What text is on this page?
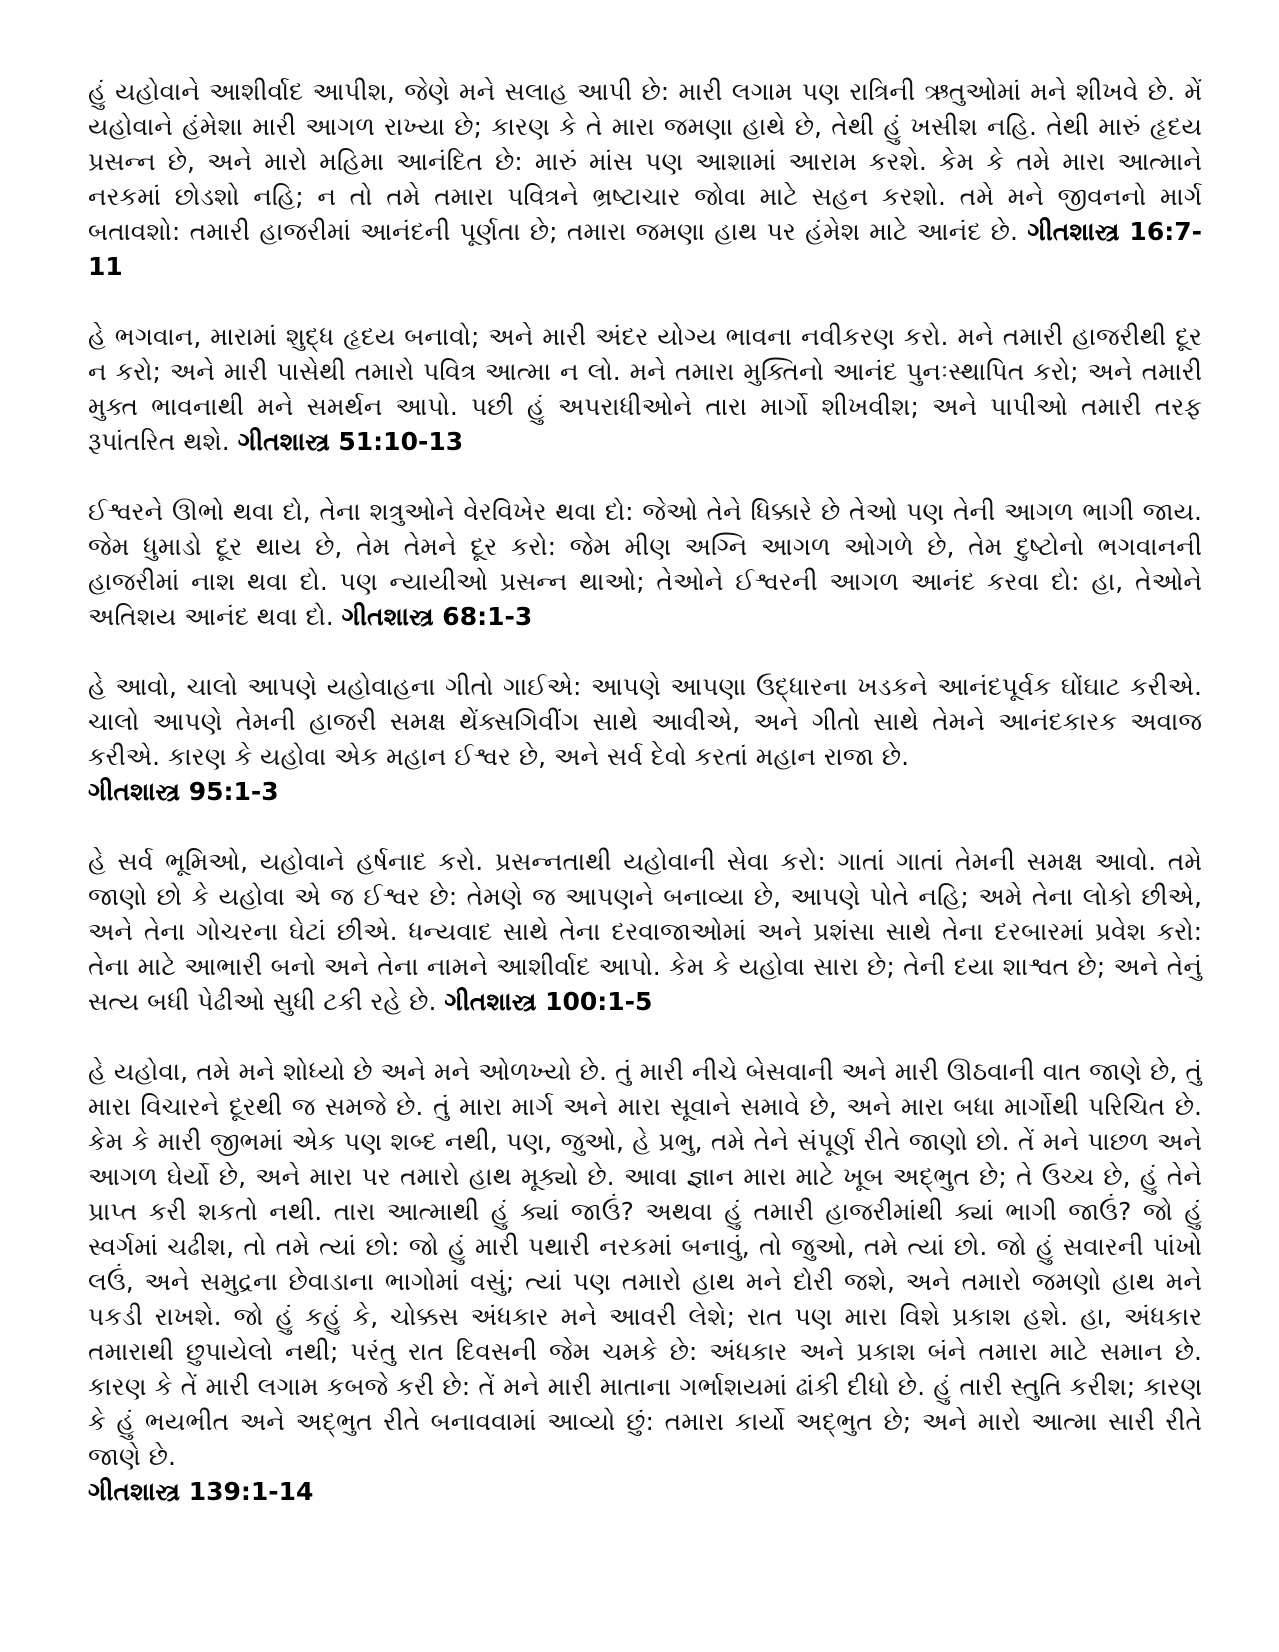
હું યહોવાને આશીર્વાદ આપીશ, જેણે મને સલાહ આપી છે: મારી લગામ પણ રાત્રિની ઋતુઓમાં મને શીખવે છે. મેં યહોવાને હંમેશા મારી આગળ રાખ્યા છે; કારણ કે તે મારા જમણા હાથે છે, તેથી હું ખસીશ નહિ. તેથી મારું હૃદય પ્રસન્ન છે, અને મારો મહિમા આનંદિત છે: મારું માંસ પણ આશામાં આરામ કરશે. કેમ કે તમે મારા આત્માને નરકમાં છોડશો નહિ; ન તો તમે તમારા પવિત્રને ભ્રષ્ટાચાર જોવા માટે સહન કરશો. તમે મને જીવનનો માર્ગ બતાવશો: તમારી હાજરીમાં આનંદની પૂર્ણતા છે; તમારા જમણા હાથ પર હંમેશ માટે આનંદ છે. ગીતશાસ્ત્ર 16:7-11

હે ભગવાન, મારામાં શુદ્ધ હૃદય બનાવો; અને મારી અંદર યોગ્ય ભાવના નવીકરણ કરો. મને તમારી હાજરીથી દૂર ન કરો; અને મારી પાસેથી તમારો પવિત્ર આત્મા ન લો. મને તમારા મુક્તિનો આનંદ પુનઃસ્થાપિત કરો; અને તમારી મુક્ત ભાવનાથી મને સમર્થન આપો. પછી હું અપરાધીઓને તારા માર્ગો શીખવીશ; અને પાપીઓ તમારી તરફ રૂપાંતરિત થશે. ગીતશાસ્ત્ર 51:10-13

ઈશ્વરને ઊભો થવા દો, તેના શત્રુઓને વેરવિખેર થવા દો: જેઓ તેને ધિક્કારે છે તેઓ પણ તેની આગળ ભાગી જાય. જેમ ધુમાડો દૂર થાય છે, તેમ તેમને દૂર કરો: જેમ મીણ અગ્નિ આગળ ઓગળે છે, તેમ દુષ્ટોનો ભગવાનની હાજરીમાં નાશ થવા દો. પણ ન્યાયીઓ પ્રસન્ન થાઓ; તેઓને ઈશ્વરની આગળ આનંદ કરવા દો: હા, તેઓને અતિશય આનંદ થવા દો. ગીતશાસ્ત્ર 68:1-3

હે આવો, ચાલો આપણે યહોવાહના ગીતો ગાઈએ: આપણે આપણા ઉદ્ધારના ખડકને આનંદપૂર્વક ઘોંઘાટ કરીએ. ચાલો આપણે તેમની હાજરી સમક્ષ થેંક્સગિવીંગ સાથે આવીએ, અને ગીતો સાથે તેમને આનંદકારક અવાજ કરીએ. કારણ કે યહોવા એક મહાન ઈશ્વર છે, અને સર્વ દેવો કરતાં મહાન રાજા છે.
ગીતશાસ્ત્ર 95:1-3

હે સર્વ ભૂમિઓ, યહોવાને હર્ષનાદ કરો. પ્રસન્નતાથી યહોવાની સેવા કરો: ગાતાં ગાતાં તેમની સમક્ષ આવો. તમે જાણો છો કે યહોવા એ જ ઈશ્વર છે: તેમણે જ આપણને બનાવ્યા છે, આપણે પોતે નહિ; અમે તેના લોકો છીએ, અને તેના ગોચરના ઘેટાં છીએ. ધન્યવાદ સાથે તેના દરવાજાઓમાં અને પ્રશંસા સાથે તેના દરબારમાં પ્રવેશ કરો: તેના માટે આભારી બનો અને તેના નામને આશીર્વાદ આપો. કેમ કે યહોવા સારા છે; તેની દયા શાશ્વત છે; અને તેનું સત્ય બધી પેઢીઓ સુધી ટકી રહે છે. ગીતશાસ્ત્ર 100:1-5

હે યહોવા, તમે મને શોધ્યો છે અને મને ઓળખ્યો છે. તું મારી નીચે બેસવાની અને મારી ઊઠવાની વાત જાણે છે, તું મારા વિચારને દૂરથી જ સમજે છે. તું મારા માર્ગ અને મારા સૂવાને સમાવે છે, અને મારા બધા માર્ગોથી પરિચિત છે. કેમ કે મારી જીભમાં એક પણ શબ્દ નથી, પણ, જુઓ, હે પ્રભુ, તમે તેને સંપૂર્ણ રીતે જાણો છો. તેં મને પાછળ અને આગળ ઘેર્યો છે, અને મારા પર તમારો હાથ મૂક્યો છે. આવા જ્ઞાન મારા માટે ખૂબ અદ્ભુત છે; તે ઉચ્ચ છે, હું તેને પ્રાપ્ત કરી શકતો નથી. તારા આત્માથી હું ક્યાં જાઉં? અથવા હું તમારી હાજરીમાંથી ક્યાં ભાગી જાઉં? જો હું સ્વર્ગમાં ચઢીશ, તો તમે ત્યાં છો: જો હું મારી પથારી નરકમાં બનાવું, તો જુઓ, તમે ત્યાં છો. જો હું સવારની પાંખો લઉં, અને સમુદ્રના છેવાડાના ભાગોમાં વસું; ત્યાં પણ તમારો હાથ મને દોરી જશે, અને તમારો જમણો હાથ મને પકડી રાખશે. જો હું કહું કે, ચોક્કસ અંધકાર મને આવરી લેશે; રાત પણ મારા વિશે પ્રકાશ હશે. હા, અંધકાર તમારાથી છુપાયેલો નથી; પરંતુ રાત દિવસની જેમ ચમકે છે: અંધકાર અને પ્રકાશ બંને તમારા માટે સમાન છે. કારણ કે તેં મારી લગામ કબજે કરી છે: તેં મને મારી માતાના ગર્ભાશયમાં ઢાંકી દીધો છે. હું તારી સ્તુતિ કરીશ; કારણ કે હું ભયભીત અને અદ્ભુત રીતે બનાવવામાં આવ્યો છું: તમારા કાર્યો અદ્ભુત છે; અને મારો આત્મા સારી રીતે જાણે છે.
ગીતશાસ્ત્ર 139:1-14
